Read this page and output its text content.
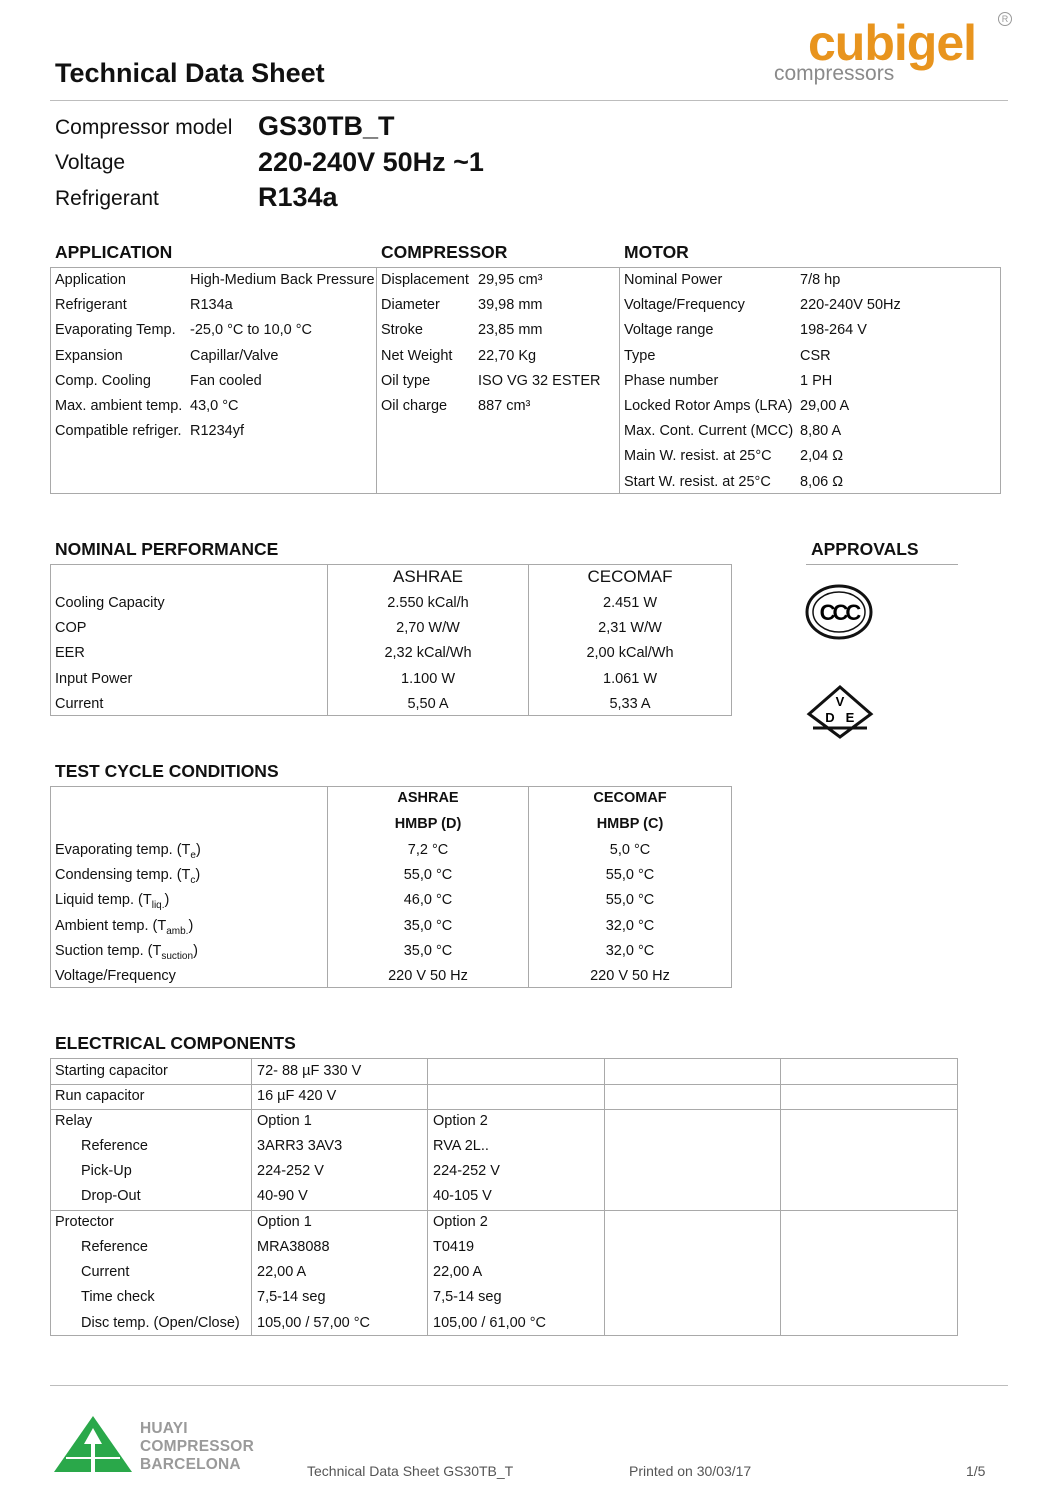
Technical Data Sheet
cubigel
compressors
R
Compressor model GS30TB_T
Voltage	220-240V 50Hz ~1
Refrigerant	R134a
APPLICATION	COMPRESSOR	MOTOR
Application	High-Medium Back Pressure
Refrigerant	R134a
Evaporating Temp. -25,0 °C to 10,0 °C
Expansion	Capillar/Valve
Comp. Cooling	Fan cooled
Max. ambient temp. 43,0 °C
Compatible refriger. R1234yf
Displacement 29,95 cm³
Diameter	39,98 mm
Stroke	23,85 mm
Net Weight 22,70 Kg
Oil type	ISO VG 32 ESTER
Oil charge 887 cm³
Nominal Power	7/8 hp
Voltage/Frequency	220-240V 50Hz
Voltage range	198-264 V
Type	CSR
Phase number	1 PH
Locked Rotor Amps (LRA) 29,00 A
Max. Cont. Current (MCC) 8,80 A
Main W. resist. at 25°C 2,04 Ω
Start W. resist. at 25°C 8,06 Ω
NOMINAL PERFORMANCE
ASHRAE	CECOMAF
Cooling Capacity	2.550 kCal/h	2.451 W
COP	2,70 W/W	2,31 W/W
EER	2,32 kCal/Wh	2,00 kCal/Wh
Input Power	1.100 W	1.061 W
Current	5,50 A	5,33 A
APPROVALS
CCC
V
D E
TEST CYCLE CONDITIONS
ASHRAE	CECOMAF
HMBP (D)	HMBP (C)
Evaporating temp. $(T_e)$	7,2 °C	5,0 °C
Condensing temp. $(T_c)$	55,0 °C	55,0 °C
Liquid temp. $(T_{liq.})$	46,0 °C	55,0 °C
Ambient temp. $(T_{amb.})$	35,0 °C	32,0 °C
Suction temp. $(T_{suction})$	35,0 °C	32,0 °C
Voltage/Frequency	220 V 50 Hz	220 V 50 Hz
ELECTRICAL COMPONENTS
Starting capacitor	72- 88 µF 330 V
Run capacitor	16 µF 420 V
Relay	Option 1	Option 2
Reference	3ARR3 3AV3	RVA 2L..
Pick-Up	224-252 V	224-252 V
Drop-Out	40-90 V	40-105 V
Protector	Option 1	Option 2
Reference	MRA38088	T0419
Current	22,00 A	22,00 A
Time check	7,5-14 seg	7,5-14 seg
Disc temp. (Open/Close) 105,00 / 57,00 °C	105,00 / 61,00 °C
HUAYI
COMPRESSOR
BARCELONA	Technical Data Sheet GS30TB_T	Printed on 30/03/17	1/5
